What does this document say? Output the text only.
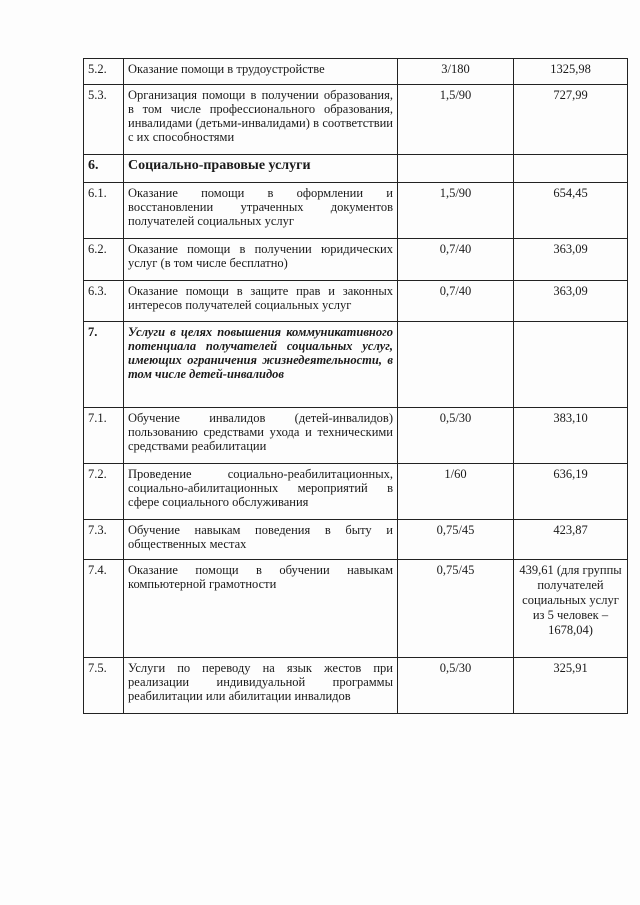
5.2.	Оказание помощи в трудоустройстве	3/180	1325,98
5.3.	Организация помощи в получении образования, в том числе профессионального образования, инвалидами (детьми-инвалидами) в соответствии с их способностями	1,5/90	727,99
6.	Социально-правовые услуги		
6.1.	Оказание помощи в оформлении и восстановлении утраченных документов получателей социальных услуг	1,5/90	654,45
6.2.	Оказание помощи в получении юридических услуг (в том числе бесплатно)	0,7/40	363,09
6.3.	Оказание помощи в защите прав и законных интересов получателей социальных услуг	0,7/40	363,09
7.	Услуги в целях повышения коммуникативного потенциала получателей социальных услуг, имеющих ограничения жизнедеятельности, в том числе детей-инвалидов		
7.1.	Обучение инвалидов (детей-инвалидов) пользованию средствами ухода и техническими средствами реабилитации	0,5/30	383,10
7.2.	Проведение социально-реабилитационных, социально-абилитационных мероприятий в сфере социального обслуживания	1/60	636,19
7.3.	Обучение навыкам поведения в быту и общественных местах	0,75/45	423,87
7.4.	Оказание помощи в обучении навыкам компьютерной грамотности	0,75/45	439,61 (для группы получателей социальных услуг из 5 человек – 1678,04)
7.5.	Услуги по переводу на язык жестов при реализации индивидуальной программы реабилитации или абилитации инвалидов	0,5/30	325,91
